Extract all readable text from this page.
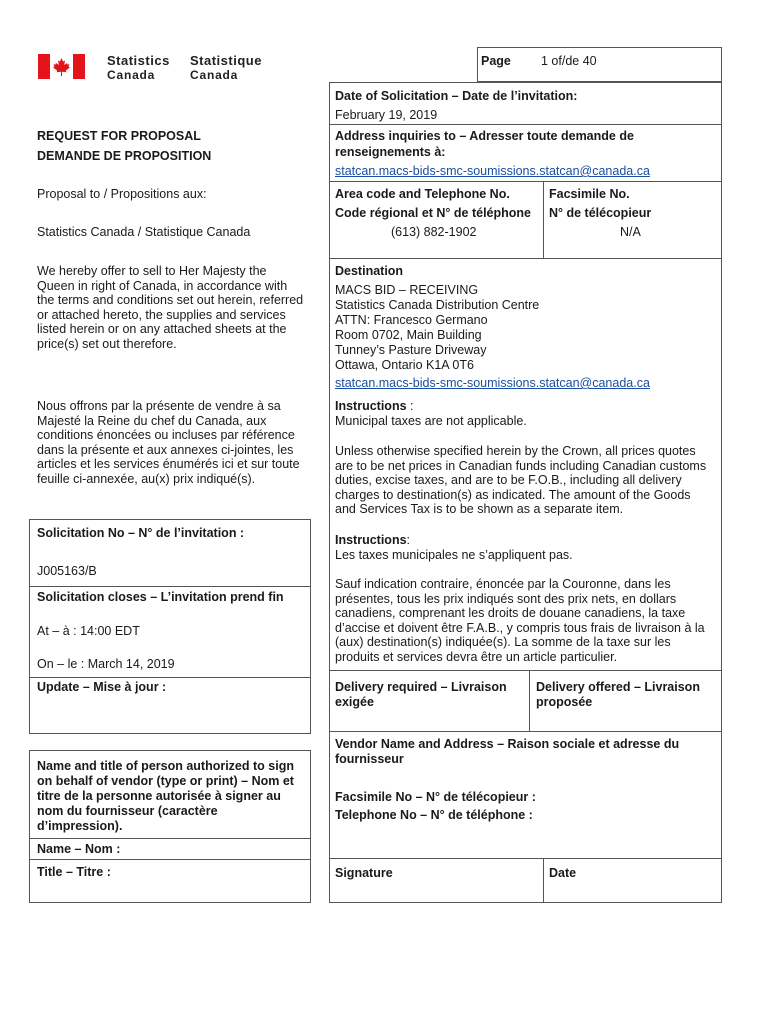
Statistics
Canada
Statistique
Canada
Page 1 of/de 40
Date of Solicitation – Date de l’invitation:
February 19, 2019
Address inquiries to – Adresser toute demande de
renseignements à:
statcan.macs-bids-smc-soumissions.statcan@canada.ca
Area code and Telephone No.
Code régional et N° de téléphone
(613) 882-1902
Facsimile No.
N° de télécopieur
N/A
Destination
MACS BID – RECEIVING
Statistics Canada Distribution Centre
ATTN: Francesco Germano
Room 0702, Main Building
Tunney’s Pasture Driveway
Ottawa, Ontario K1A 0T6
statcan.macs-bids-smc-soumissions.statcan@canada.ca
Instructions :
Municipal taxes are not applicable.
Unless otherwise specified herein by the Crown, all prices quotes
are to be net prices in Canadian funds including Canadian customs
duties, excise taxes, and are to be F.O.B., including all delivery
charges to destination(s) as indicated. The amount of the Goods
and Services Tax is to be shown as a separate item.
Instructions:
Les taxes municipales ne s’appliquent pas.
Sauf indication contraire, énoncée par la Couronne, dans les
présentes, tous les prix indiqués sont des prix nets, en dollars
canadiens, comprenant les droits de douane canadiens, la taxe
d’accise et doivent être F.A.B., y compris tous frais de livraison à la
(aux) destination(s) indiquée(s). La somme de la taxe sur les
produits et services devra être un article particulier.
Delivery required – Livraison
exigée
Delivery offered – Livraison
proposée
Vendor Name and Address – Raison sociale et adresse du
fournisseur
Facsimile No – N° de télécopieur :
Telephone No – N° de téléphone :
Signature	Date
REQUEST FOR PROPOSAL
DEMANDE DE PROPOSITION
Proposal to / Propositions aux:
Statistics Canada / Statistique Canada
We hereby offer to sell to Her Majesty the
Queen in right of Canada, in accordance with
the terms and conditions set out herein, referred
or attached hereto, the supplies and services
listed herein or on any attached sheets at the
price(s) set out therefore.
Nous offrons par la présente de vendre à sa
Majesté la Reine du chef du Canada, aux
conditions énoncées ou incluses par référence
dans la présente et aux annexes ci-jointes, les
articles et les services énumérés ici et sur toute
feuille ci-annexée, au(x) prix indiqué(s).
Solicitation No – N° de l’invitation :
J005163/B
Solicitation closes – L’invitation prend fin
At – à : 14:00 EDT
On – le : March 14, 2019
Update – Mise à jour :
Name and title of person authorized to sign
on behalf of vendor (type or print) – Nom et
titre de la personne autorisée à signer au
nom du fournisseur (caractère
d’impression).
Name – Nom :
Title – Titre :
